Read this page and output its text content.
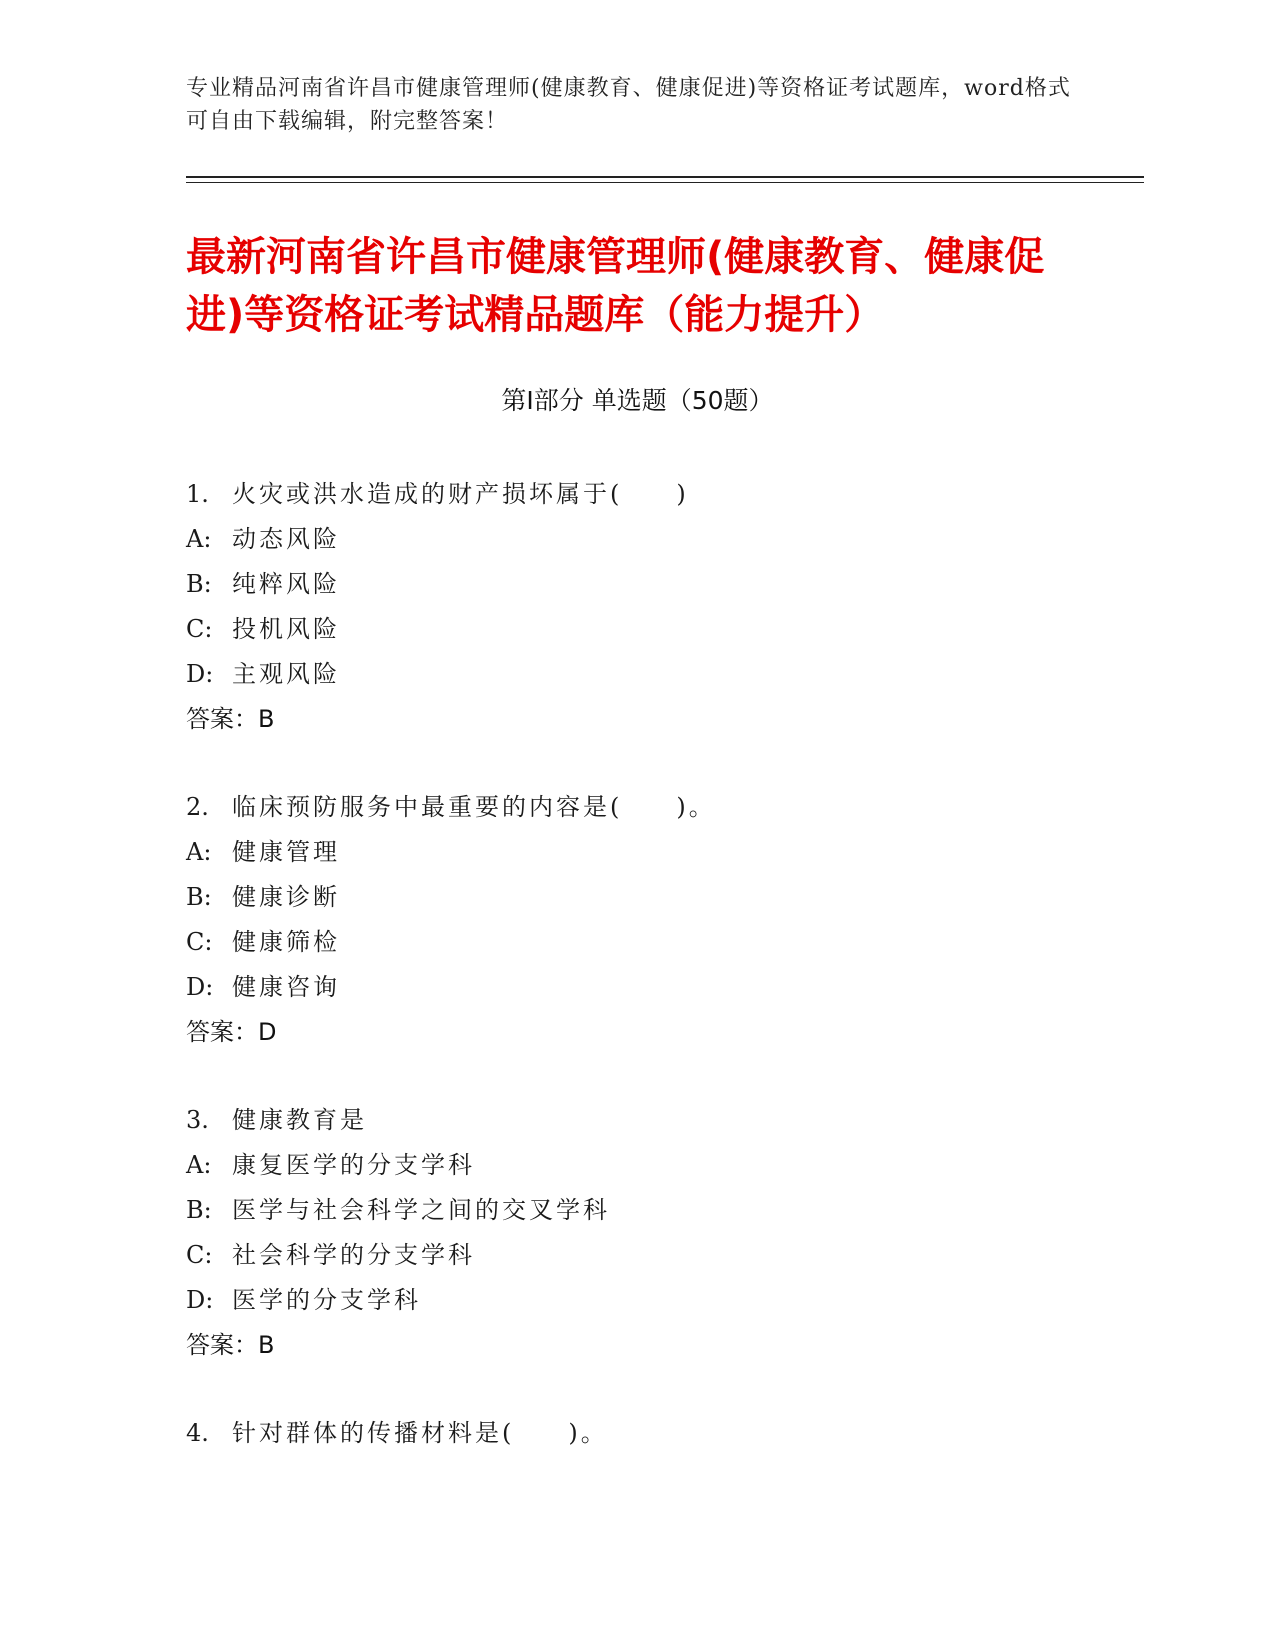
专业精品河南省许昌市健康管理师(健康教育、健康促进)等资格证考试题库，word格式可自由下载编辑，附完整答案！
最新河南省许昌市健康管理师(健康教育、健康促进)等资格证考试精品题库（能力提升）
第Ⅰ部分 单选题（50题）
1. 火灾或洪水造成的财产损坏属于(　　)
A: 动态风险
B: 纯粹风险
C: 投机风险
D: 主观风险
答案：B
2. 临床预防服务中最重要的内容是(　　)。
A: 健康管理
B: 健康诊断
C: 健康筛检
D: 健康咨询
答案：D
3. 健康教育是
A: 康复医学的分支学科
B: 医学与社会科学之间的交叉学科
C: 社会科学的分支学科
D: 医学的分支学科
答案：B
4. 针对群体的传播材料是(　　)。
